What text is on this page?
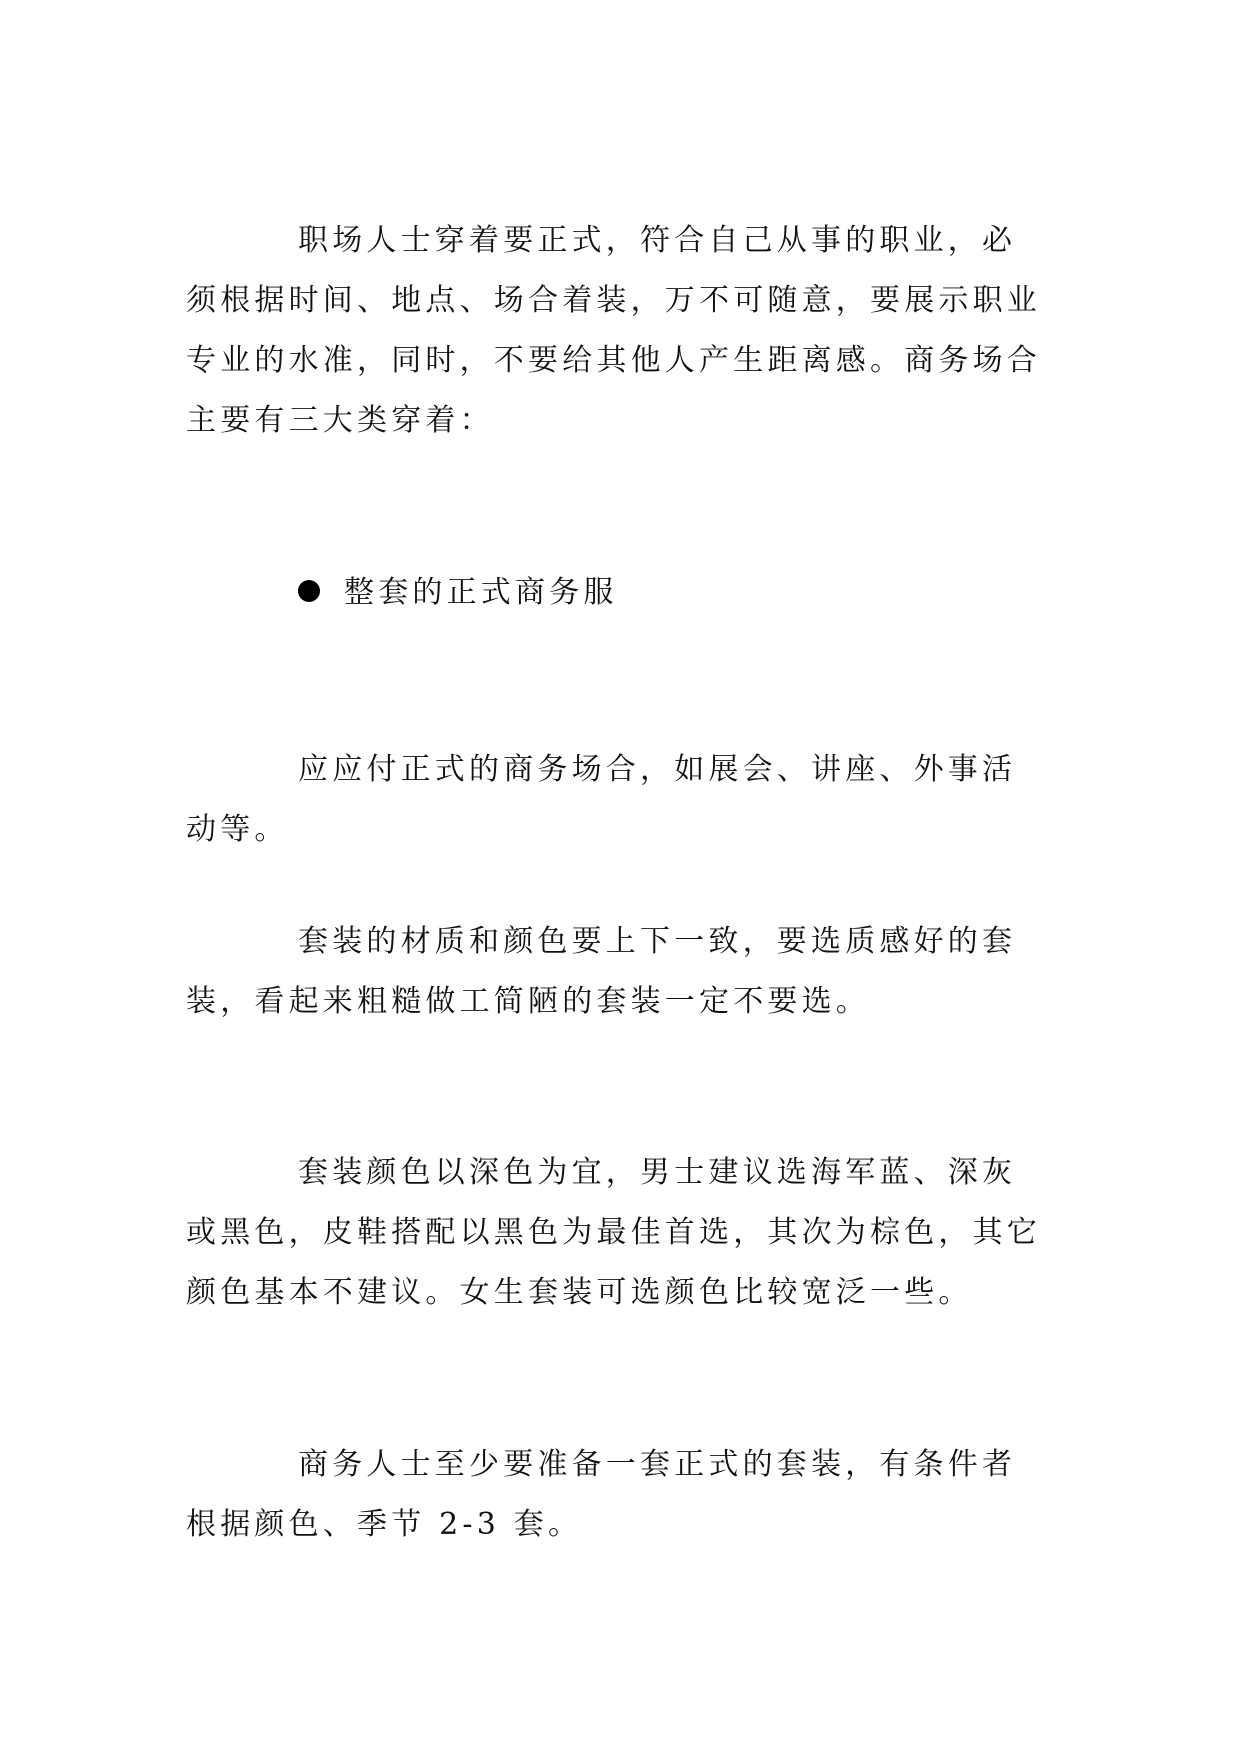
职场人士穿着要正式，符合自己从事的职业，必须根据时间、地点、场合着装，万不可随意，要展示职业专业的水准，同时，不要给其他人产生距离感。商务场合主要有三大类穿着：

整套的正式商务服

应应付正式的商务场合，如展会、讲座、外事活动等。

套装的材质和颜色要上下一致，要选质感好的套装，看起来粗糙做工简陋的套装一定不要选。

套装颜色以深色为宜，男士建议选海军蓝、深灰或黑色，皮鞋搭配以黑色为最佳首选，其次为棕色，其它颜色基本不建议。女生套装可选颜色比较宽泛一些。

商务人士至少要准备一套正式的套装，有条件者根据颜色、季节 2-3 套。
